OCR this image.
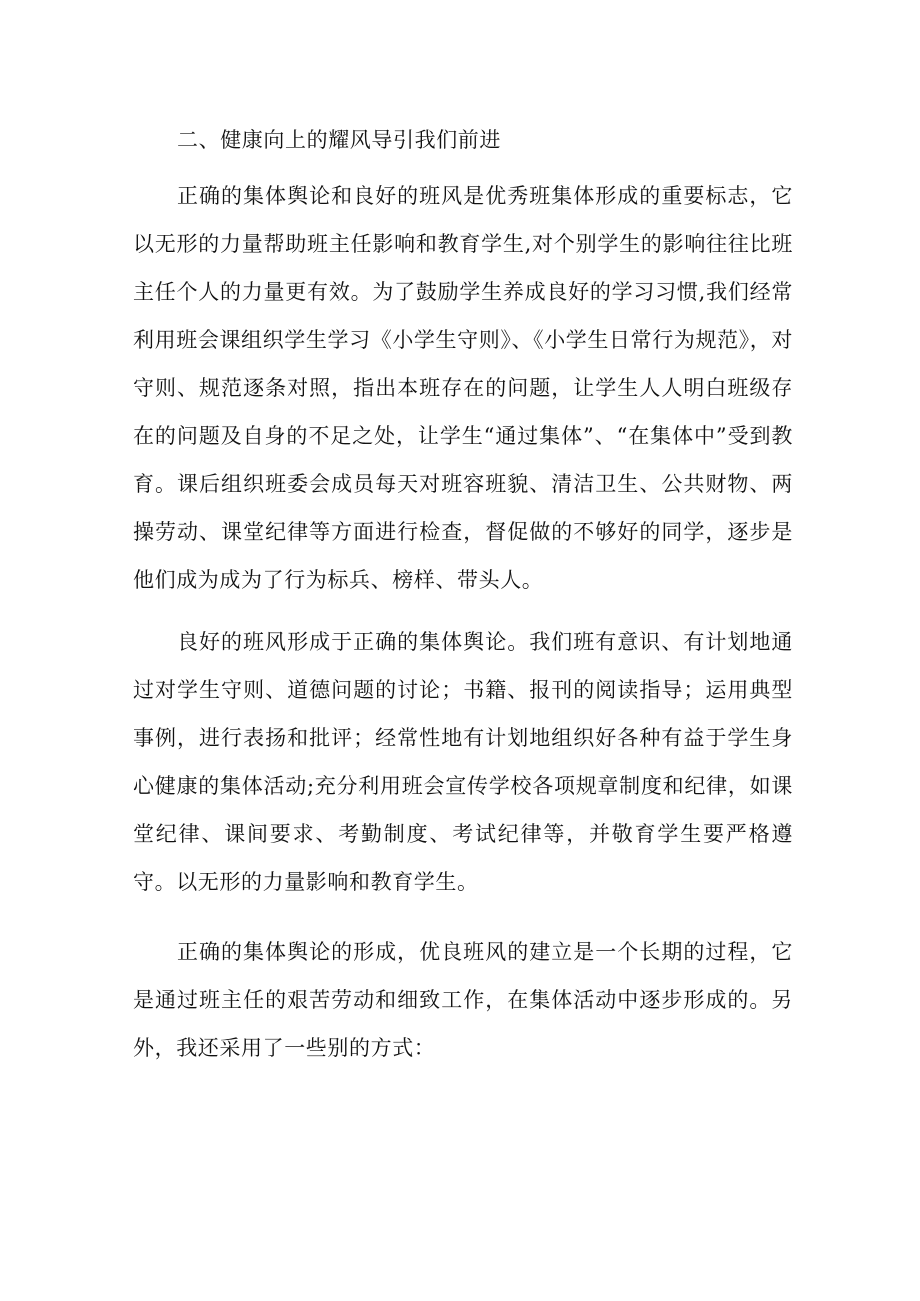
二、健康向上的耀风导引我们前进

正确的集体舆论和良好的班风是优秀班集体形成的重要标志，它以无形的力量帮助班主任影响和教育学生,对个别学生的影响往往比班主任个人的力量更有效。为了鼓励学生养成良好的学习习惯,我们经常利用班会课组织学生学习《小学生守则》、《小学生日常行为规范》，对守则、规范逐条对照，指出本班存在的问题，让学生人人明白班级存在的问题及自身的不足之处，让学生“通过集体”、“在集体中”受到教育。课后组织班委会成员每天对班容班貌、清洁卫生、公共财物、两操劳动、课堂纪律等方面进行检查，督促做的不够好的同学，逐步是他们成为成为了行为标兵、榜样、带头人。

良好的班风形成于正确的集体舆论。我们班有意识、有计划地通过对学生守则、道德问题的讨论；书籍、报刊的阅读指导；运用典型事例，进行表扬和批评；经常性地有计划地组织好各种有益于学生身心健康的集体活动;充分利用班会宣传学校各项规章制度和纪律，如课堂纪律、课间要求、考勤制度、考试纪律等，并敬育学生要严格遵守。以无形的力量影响和教育学生。

正确的集体舆论的形成，优良班风的建立是一个长期的过程，它是通过班主任的艰苦劳动和细致工作，在集体活动中逐步形成的。另外，我还采用了一些别的方式：
